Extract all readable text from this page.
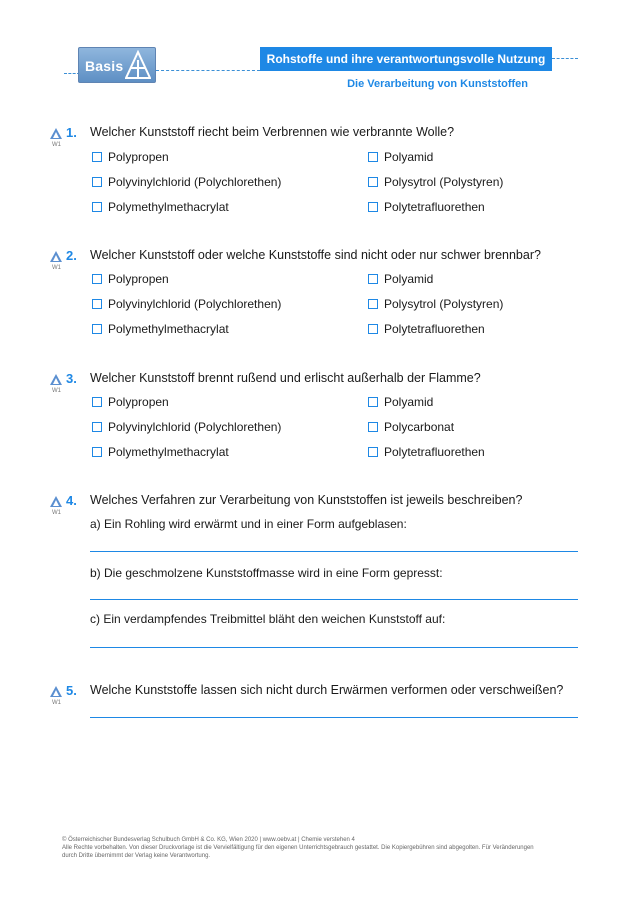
Basis	Rohstoffe und ihre verantwortungsvolle Nutzung
Die Verarbeitung von Kunststoffen
W1
1. Welcher Kunststoff riecht beim Verbrennen wie verbrannte Wolle?
Polypropen
Polyvinylchlorid (Polychlorethen)
Polymethylmethacrylat
Polyamid
Polysytrol (Polystyren)
Polytetrafluorethen
W1
2. Welcher Kunststoff oder welche Kunststoffe sind nicht oder nur schwer brennbar?
Polypropen
Polyvinylchlorid (Polychlorethen)
Polymethylmethacrylat
Polyamid
Polysytrol (Polystyren)
Polytetrafluorethen
W1
3. Welcher Kunststoff brennt rußend und erlischt außerhalb der Flamme?
Polypropen
Polyvinylchlorid (Polychlorethen)
Polymethylmethacrylat
Polyamid
Polycarbonat
Polytetrafluorethen
W1
4. Welches Verfahren zur Verarbeitung von Kunststoffen ist jeweils beschreiben?
a) Ein Rohling wird erwärmt und in einer Form aufgeblasen:
b) Die geschmolzene Kunststoffmasse wird in eine Form gepresst:
c) Ein verdampfendes Treibmittel bläht den weichen Kunststoff auf:
W1
5. Welche Kunststoffe lassen sich nicht durch Erwärmen verformen oder verschweißen?
© Österreichischer Bundesverlag Schulbuch GmbH & Co. KG, Wien 2020 | www.oebv.at | Chemie verstehen 4
Alle Rechte vorbehalten. Von dieser Druckvorlage ist die Vervielfältigung für den eigenen Unterrichtsgebrauch gestattet. Die Kopiergebühren sind abgegolten. Für Veränderungen
durch Dritte übernimmt der Verlag keine Verantwortung.
